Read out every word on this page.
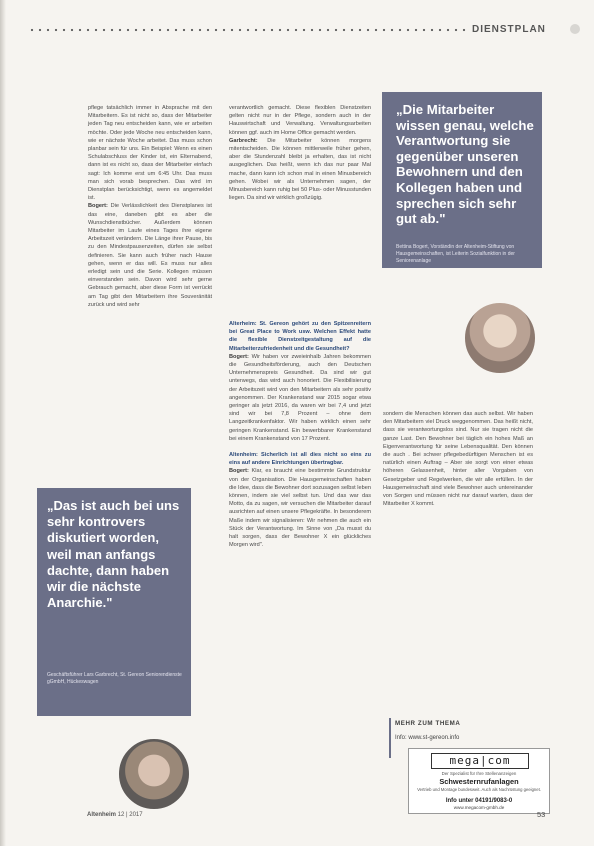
DIENSTPLAN

pflege tatsächlich immer in Absprache mit den Mitarbeitern. Es ist nicht so, dass der Mitarbeiter jeden Tag neu entscheiden kann, wie er arbeiten möchte. Oder jede Woche neu entscheiden kann, wie er nächste Woche arbeitet. Das muss schon planbar sein für uns. Ein Beispiel: Wenn es einen Schulabschluss der Kinder ist, ein Elternabend, dann ist es nicht so, dass der Mitarbeiter einfach sagt: Ich komme erst um 6:45 Uhr. Das muss man sich vorab besprechen. Das wird im Dienstplan berücksichtigt, wenn es angemeldet ist.

Bogert: Die Verlässlichkeit des Dienstplanes ist das eine, daneben gibt es aber die Wunschdienstbücher. Außerdem können Mitarbeiter im Laufe eines Tages ihre eigene Arbeitszeit verändern. Die Länge ihrer Pause, bis zu den Mindestpausenzeiten, dürfen sie selbst definieren. Sie kann auch früher nach Hause gehen, wenn er das will. Es muss nur alles erledigt sein und die Serie. Kollegen müssen einverstanden sein. Davon wird sehr gerne Gebrauch gemacht, aber diese Form ist verrückt am Tag gibt den Mitarbeitern ihre Souveränität zurück und wird sehr

verantwortlich gemacht. Diese flexiblen Dienstzeiten gelten nicht nur in der Pflege, sondern auch in der Hauswirtschaft und Verwaltung. Verwaltungsarbeiten können ggf. auch im Home Office gemacht werden.

Garbrecht: Die Mitarbeiter können morgens mitentscheiden. Die können mittlerweile früher gehen, aber die Stundenzahl bleibt ja erhalten, das ist nicht ausgeglichen. Das heißt, wenn ich das nur paar Mal mache, dann kann ich schon mal in einen Minusbereich gehen. Wobei wir als Unternehmen sagen, der Minusbereich kann ruhig bei 50 Plus- oder Minusstunden liegen. Da sind wir wirklich großzügig.

Alterheim: St. Gereon gehört zu den Spitzenreitern bei Great Place to Work usw. Welchen Effekt hatte die flexible Dienstzeitgestaltung auf die Mitarbeiterzufriedenheit und die Gesundheit?

Bogert: Wir haben vor zweieinhalb Jahren bekommen die Gesundheitsförderung, auch den Deutschen Unternehmenspreis Gesundheit. Da sind wir gut unterwegs, das wird auch honoriert. Die Flexibilisierung der Arbeitszeit wird von den Mitarbeitern als sehr positiv angenommen. Der Krankenstand war 2015 sogar etwa geringer als jetzt 2016, da waren wir bei 7,4 und jetzt sind wir bei 7,8 Prozent – ohne dem Langzeitkrankenfaktor. Wir haben wirklich einen sehr geringen Krankenstand. Ein bewerbbarer Krankenstand bei einem Krankenstand von 17 Prozent.

Altenheim: Sicherlich ist all dies nicht so eins zu eins auf andere Einrichtungen übertragbar.

Bogert: Klar, es braucht eine bestimmte Grundstruktur von der Organisation. Die Hausgemeinschaften haben die Idee, dass die Bewohner dort sozusagen selbst leben können, indem sie viel selbst tun. Und das war das Motto, da zu sagen, wir versuchen die Mitarbeiter darauf ausrichten auf einen unsere Pflegekräfte. In besonderem Maße indem wir signalisieren: Wir nehmen die auch ein Stück der Verantwortung. Im Sinne von „Da musst du halt sorgen, dass der Bewohner X ein glückliches Morgen wird".

sondern die Menschen können das auch selbst. Wir haben den Mitarbeitern viel Druck weggenommen. Das heißt nicht, dass sie verantwortungslos sind. Nur sie tragen nicht die ganze Last. Den Bewohner bei täglich ein hohes Maß an Eigenverantwortung für seine Lebensqualität. Den können die auch . Bei schwer pflegebedürftigen Menschen ist es natürlich einen Auftrag – Aber sie sorgt von einer etwas höheren Gelassenheit, hinter aller Vorgaben von Gesetzgeber und Regelwerken, die wir alle erfüllen. In der Hausgemeinschaft sind viele Bewohner auch untereinander von Sorgen und müssen nicht nur darauf warten, dass der Mitarbeiter X kommt.

„Die Mitarbeiter wissen genau, welche Verantwortung sie gegenüber unseren Bewohnern und den Kollegen haben und sprechen sich sehr gut ab."
Bettina Bogert, Vorständin der Altenheim-Stiftung von Hausgemeinschaften, ist Leiterin Sozialfunktion in der Seniorenanlage
„Das ist auch bei uns sehr kontrovers diskutiert worden, weil man anfangs dachte, dann haben wir die nächste Anarchie."
Geschäftsführer Lars Garbrecht, St. Gereon Seniorendienste gGmbH, Hückeswagen
MEHR ZUM THEMA
Info: www.st-gereon.info
mega|com
Der Spezialist für Ihre Stellenanzeigen
Schwesternrufanlagen
Vertrieb und Montage bundesweit. Auch als Nachrüstung geeignet.
Info unter 04191/9083-0
www.megacom-gmbh.de
Altenheim 12 | 2017	53
